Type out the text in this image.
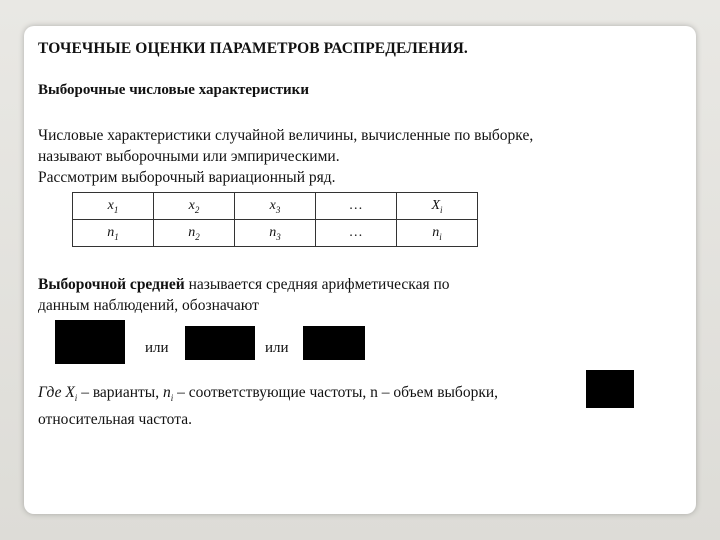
ТОЧЕЧНЫЕ ОЦЕНКИ ПАРАМЕТРОВ РАСПРЕДЕЛЕНИЯ.
Выборочные числовые характеристики
Числовые характеристики случайной величины, вычисленные по выборке,
называют выборочными или эмпирическими.
Рассмотрим выборочный вариационный ряд.
$x_1$	$x_2$	$x_3$	…	$X_i$
$n_1$	$n_2$	$n_3$	…	$n_i$
Выборочной средней называется средняя арифметическая по
данным наблюдений, обозначают
или	или
Где $X_i$ – варианты, $n_i$ – соответствующие частоты, n – объем выборки,
относительная частота.
